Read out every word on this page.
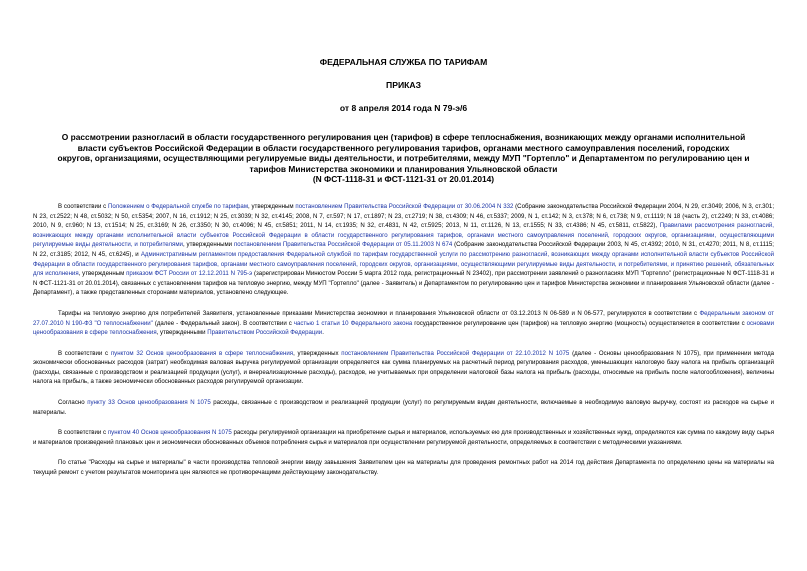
ФЕДЕРАЛЬНАЯ СЛУЖБА ПО ТАРИФАМ

ПРИКАЗ

от 8 апреля 2014 года N 79-э/6

О рассмотрении разногласий в области государственного регулирования цен (тарифов) в сфере теплоснабжения, возникающих между органами исполнительной
власти субъектов Российской Федерации в области государственного регулирования тарифов, органами местного самоуправления поселений, городских
округов, организациями, осуществляющими регулируемые виды деятельности, и потребителями, между МУП "Гортепло" и Департаментом по регулированию цен и
тарифов Министерства экономики и планирования Ульяновской области
(N ФСТ-1118-31 и ФСТ-1121-31 от 20.01.2014)

В соответствии с Положением о Федеральной службе по тарифам, утвержденным постановлением Правительства Российской Федерации от 30.06.2004 N 332 (Собрание законодательства Российской Федерации 2004, N 29, ст.3049; 2006, N 3, ст.301; N 23, ст.2522; N 48, ст.5032; N 50, ст.5354; 2007, N 16, ст.1912; N 25, ст.3039; N 32, ст.4145; 2008, N 7, ст.597; N 17, ст.1897; N 23, ст.2719; N 38, ст.4309; N 46, ст.5337; 2009, N 1, ст.142; N 3, ст.378; N 6, ст.738; N 9, ст.1119; N 18 (часть 2), ст.2249; N 33, ст.4086; 2010, N 9, ст.960; N 13, ст.1514; N 25, ст.3169; N 26, ст.3350; N 30, ст.4096; N 45, ст.5851; 2011, N 14, ст.1935; N 32, ст.4831, N 42, ст.5925; 2013, N 11, ст.1126, N 13, ст.1555; N 33, ст.4386; N 45, ст.5811, ст.5822), Правилами рассмотрения разногласий, возникающих между органами исполнительной власти субъектов Российской Федерации в области государственного регулирования тарифов, органами местного самоуправления поселений, городских округов, организациями, осуществляющими регулируемые виды деятельности, и потребителями, утвержденными постановлением Правительства Российской Федерации от 05.11.2003 N 674 (Собрание законодательства Российской Федерации 2003, N 45, ст.4392; 2010, N 31, ст.4270; 2011, N 8, ст.1115; N 22, ст.3185; 2012, N 45, ст.6245), и Административным регламентом предоставления Федеральной службой по тарифам государственной услуги по рассмотрению разногласий, возникающих между органами исполнительной власти субъектов Российской Федерации в области государственного регулирования тарифов, органами местного самоуправления поселений, городских округов, организациями, осуществляющими регулируемые виды деятельности, и потребителями, и принятию решений, обязательных для исполнения, утвержденным приказом ФСТ России от 12.12.2011 N 795-э (зарегистрирован Минюстом России 5 марта 2012 года, регистрационный N 23402), при рассмотрении заявлений о разногласиях МУП "Гортепло" (регистрационные N ФСТ-1118-31 и N ФСТ-1121-31 от 20.01.2014), связанных с установлением тарифов на тепловую энергию, между МУП "Гортепло" (далее - Заявитель) и Департаментом по регулированию цен и тарифов Министерства экономики и планирования Ульяновской области (далее - Департамент), а также представленных сторонами материалов, установлено следующее.

Тарифы на тепловую энергию для потребителей Заявителя, установленные приказами Министерства экономики и планирования Ульяновской области от 03.12.2013 N 06-589 и N 06-577, регулируются в соответствии с Федеральным законом от 27.07.2010 N 190-ФЗ "О теплоснабжении" (далее - Федеральный закон). В соответствии с частью 1 статьи 10 Федерального закона государственное регулирование цен (тарифов) на тепловую энергию (мощность) осуществляется в соответствии с основами ценообразования в сфере теплоснабжения, утвержденными Правительством Российской Федерации.

В соответствии с пунктом 32 Основ ценообразования в сфере теплоснабжения, утвержденных постановлением Правительства Российской Федерации от 22.10.2012 N 1075 (далее - Основы ценообразования N 1075), при применении метода экономически обоснованных расходов (затрат) необходимая валовая выручка регулируемой организации определяется как сумма планируемых на расчетный период регулирования расходов, уменьшающих налоговую базу налога на прибыль организаций (расходы, связанные с производством и реализацией продукции (услуг), и внереализационные расходы), расходов, не учитываемых при определении налоговой базы налога на прибыль (расходы, относимые на прибыль после налогообложения), величины налога на прибыль, а также экономически обоснованных расходов регулируемой организации.

Согласно пункту 33 Основ ценообразования N 1075 расходы, связанные с производством и реализацией продукции (услуг) по регулируемым видам деятельности, включаемые в необходимую валовую выручку, состоят из расходов на сырье и материалы.

В соответствии с пунктом 40 Основ ценообразования N 1075 расходы регулируемой организации на приобретение сырья и материалов, используемых ею для производственных и хозяйственных нужд, определяются как сумма по каждому виду сырья и материалов произведений плановых цен и экономически обоснованных объемов потребления сырья и материалов при осуществлении регулируемой деятельности, определяемых в соответствии с методическими указаниями.

По статье "Расходы на сырье и материалы" в части производства тепловой энергии ввиду завышения Заявителем цен на материалы для проведения ремонтных работ на 2014 год действия Департамента по определению цены на материалы на текущий ремонт с учетом результатов мониторинга цен являются не противоречащими действующему законодательству.
